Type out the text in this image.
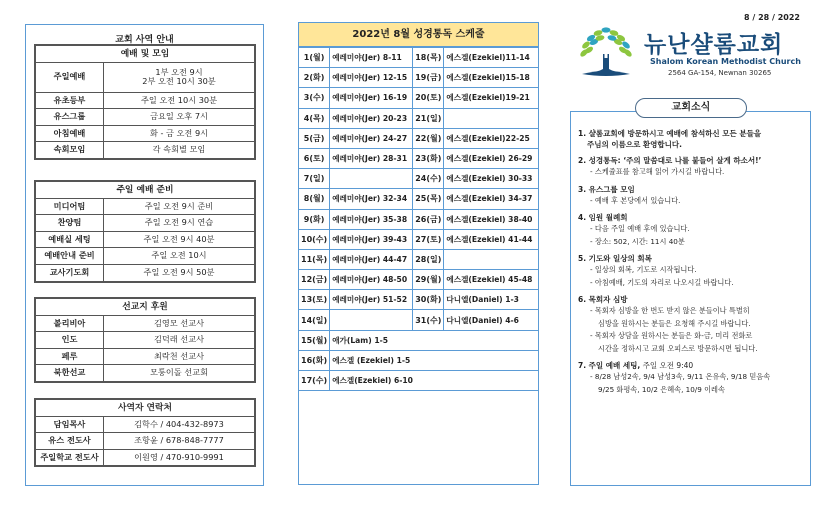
교회 사역 안내
예배 및 모임	
주일예배	1부 오전 9시
2부 오전 10시 30분

유초등부	주일 오전 10시 30분

유스그룹	금요일 오후 7시

아침예배	화 - 금 오전 9시

속회모임	각 속회별 모임
주일 예배 준비	
미디어팀	주일 오전 9시 준비
찬양팀	주일 오전 9시 연습
예배실 세팅	주일 오전 9시 40분
예배안내 준비	주일 오전 10시
교사기도회	주일 오전 9시 50분
선교지 후원	
볼리비아	김영모 선교사
인도	김덕래 선교사
페루	최락천 선교사
북한선교	모퉁이돌 선교회
사역자 연락처	
담임목사	김학수 / 404-432-8973
유스 전도사	조항윤 / 678-848-7777
주일학교 전도사	이원영 / 470-910-9991
2022년 8월 성경통독 스케줄
1(월)	예레미야(Jer) 8-11	18(목)	에스겔(Ezekiel)11-14
2(화)	예레미야(Jer) 12-15	19(금)	에스겔(Ezekiel)15-18
3(수)	예레미야(Jer) 16-19	20(토)	에스겔(Ezekiel)19-21
4(목)	예레미야(Jer) 20-23	21(일)	
5(금)	예레미야(Jer) 24-27	22(월)	에스겔(Ezekiel)22-25
6(토)	예레미야(Jer) 28-31	23(화)	에스겔(Ezekiel) 26-29
7(일)		24(수)	에스겔(Ezekiel) 30-33
8(월)	예레미야(Jer) 32-34	25(목)	에스겔(Ezekiel) 34-37
9(화)	예레미야(Jer) 35-38	26(금)	에스겔(Ezekiel) 38-40
10(수)	예레미야(Jer) 39-43	27(토)	에스겔(Ezekiel) 41-44
11(목)	예레미야(Jer) 44-47	28(일)	
12(금)	예레미야(Jer) 48-50	29(월)	에스겔(Ezekiel) 45-48
13(토)	예레미야(Jer) 51-52	30(화)	다니엘(Daniel) 1-3
14(일)		31(수)	다니엘(Daniel) 4-6
15(월)	애가(Lam) 1-5		
16(화)	에스겔 (Ezekiel) 1-5		
17(수)	에스겔(Ezekiel) 6-10		
8 / 28 / 2022
뉴난샬롬교회
Shalom Korean Methodist Church
2564 GA-154, Newnan 30265
교회소식
1. 샬롬교회에 방문하시고 예배에 참석하신 모든 분들을
주님의 이름으로 환영합니다.
2. 성경통독: ‘주의 말씀대로 나를 붙들어 살게 하소서!’
- 스케쥴표를 참고해 읽어 가시길 바랍니다.
3. 유스그룹 모임
- 예배 후 본당에서 있습니다.
4. 임원 월례회
- 다음 주일 예배 후에 있습니다.
- 장소: 502, 시간: 11시 40분
5. 기도와 일상의 회복
- 일상의 회복, 기도로 시작됩니다.
- 아침예배, 기도의 자리로 나오시길 바랍니다.
6. 목회자 심방
- 목회자 심방을 한 번도 받지 않은 분들이나 특별히
심방을 원하시는 분들은 요청해 주시길 바랍니다.
- 목회자 상담을 원하시는 분들은 화-금, 미리 전화로
시간을 정하시고 교회 오피스로 방문하시면 됩니다.
7. 주일 예배 세팅, 주일 오전 9:40
- 8/28 남성2속, 9/4 남성3속, 9/11 온유속, 9/18 믿음속
9/25 화평속, 10/2 은혜속, 10/9 이레속
